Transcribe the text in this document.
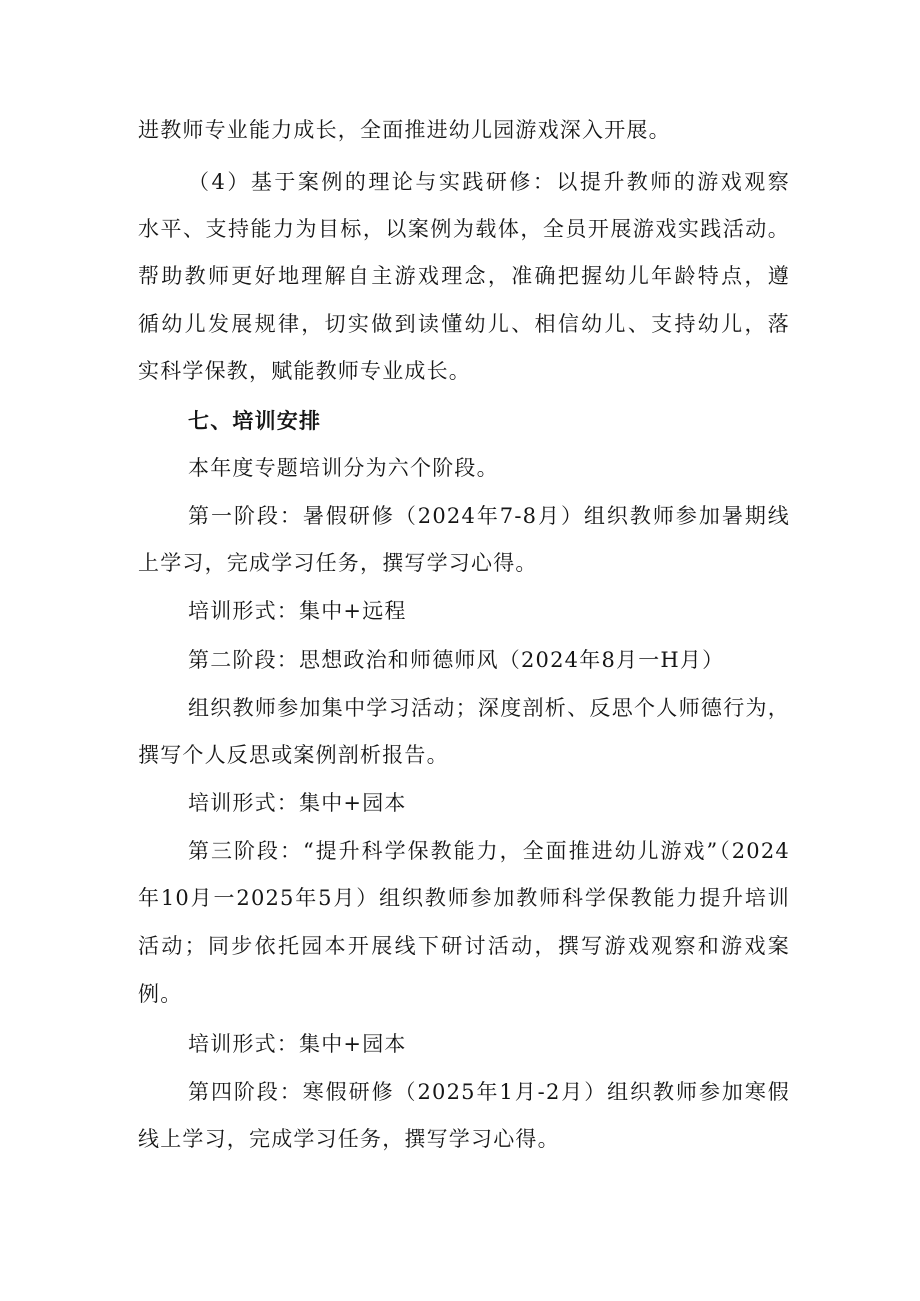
进教师专业能力成长，全面推进幼儿园游戏深入开展。

（4）基于案例的理论与实践研修：以提升教师的游戏观察

水平、支持能力为目标，以案例为载体，全员开展游戏实践活动。

帮助教师更好地理解自主游戏理念，准确把握幼儿年龄特点，遵

循幼儿发展规律，切实做到读懂幼儿、相信幼儿、支持幼儿，落

实科学保教，赋能教师专业成长。

七、培训安排

本年度专题培训分为六个阶段。

第一阶段：暑假研修（2024年7-8月）组织教师参加暑期线

上学习，完成学习任务，撰写学习心得。

培训形式：集中+远程

第二阶段：思想政治和师德师风（2024年8月一H月）

组织教师参加集中学习活动；深度剖析、反思个人师德行为，

撰写个人反思或案例剖析报告。

培训形式：集中+园本

第三阶段：“提升科学保教能力，全面推进幼儿游戏”（2024

年10月一2025年5月）组织教师参加教师科学保教能力提升培训

活动；同步依托园本开展线下研讨活动，撰写游戏观察和游戏案

例。

培训形式：集中+园本

第四阶段：寒假研修（2025年1月-2月）组织教师参加寒假

线上学习，完成学习任务，撰写学习心得。
